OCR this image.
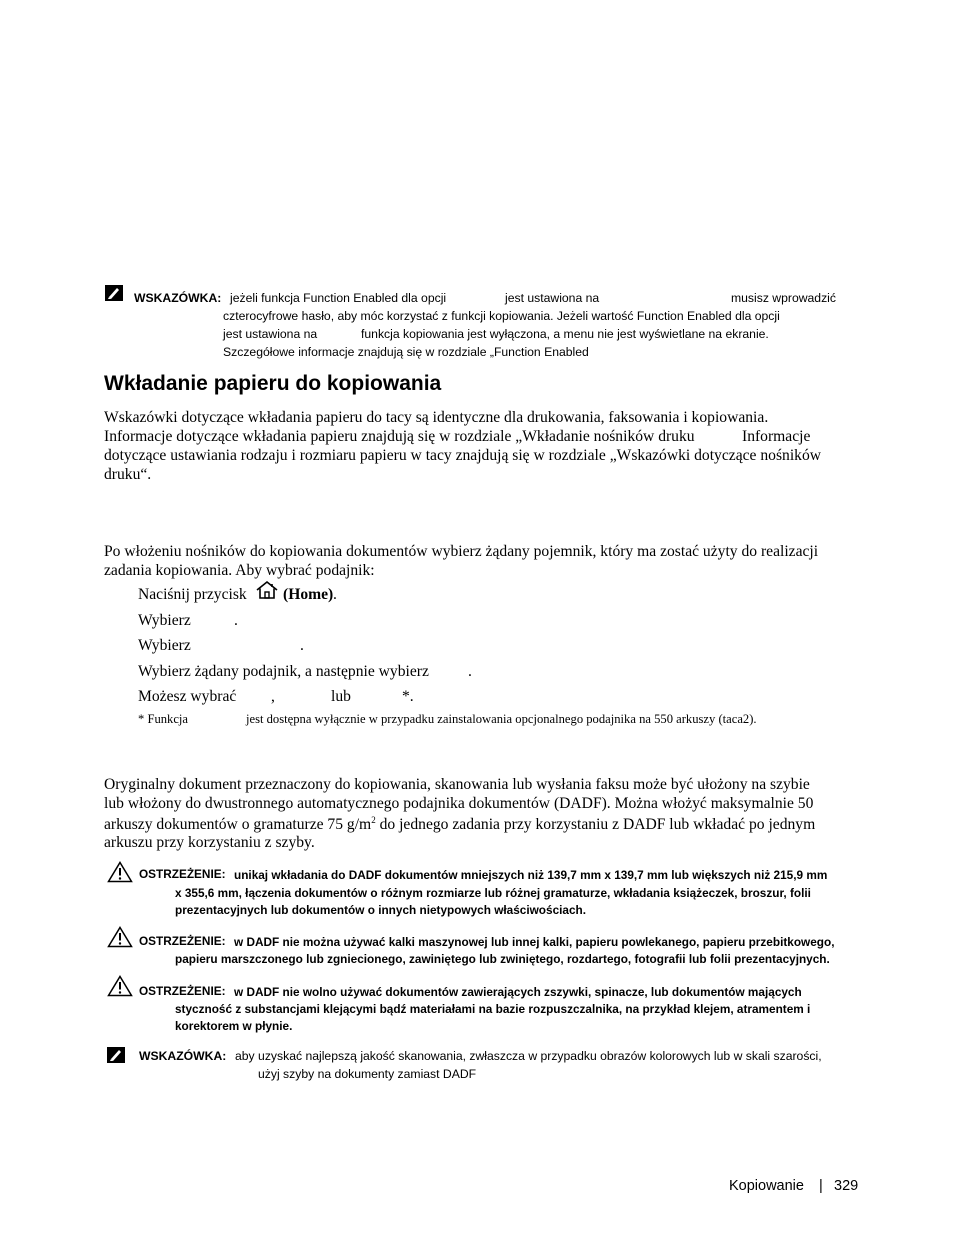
WSKAZÓWKA: jeżeli funkcja Function Enabled dla opcji	jest ustawiona na	musisz wprowadzić
czterocyfrowe hasło, aby móc korzystać z funkcji kopiowania. Jeżeli wartość Function Enabled dla opcji
jest ustawiona na	funkcja kopiowania jest wyłączona, a menu nie jest wyświetlane na ekranie.
Szczegółowe informacje znajdują się w rozdziale „Function Enabled
Wkładanie papieru do kopiowania
Wskazówki dotyczące wkładania papieru do tacy są identyczne dla drukowania, faksowania i kopiowania.
Informacje dotyczące wkładania papieru znajdują się w rozdziale „Wkładanie nośników druku	Informacje
dotyczące ustawiania rodzaju i rozmiaru papieru w tacy znajdują się w rozdziale „Wskazówki dotyczące nośników
druku“.
Po włożeniu nośników do kopiowania dokumentów wybierz żądany pojemnik, który ma zostać użyty do realizacji
zadania kopiowania. Aby wybrać podajnik:
Naciśnij przycisk (Home) .
Wybierz	.
Wybierz	.
Wybierz żądany podajnik, a następnie wybierz	.
Możesz wybrać ,	lub	*.
* Funkcja	jest dostępna wyłącznie w przypadku zainstalowania opcjonalnego podajnika na 550 arkuszy (taca2).
Oryginalny dokument przeznaczony do kopiowania, skanowania lub wysłania faksu może być ułożony na szybie
lub włożony do dwustronnego automatycznego podajnika dokumentów (DADF). Można włożyć maksymalnie 50
arkuszy dokumentów o gramaturze 75 $g/m^2$ do jednego zadania przy korzystaniu z DADF lub wkładać po jednym
arkuszu przy korzystaniu z szyby.
OSTRZEŻENIE: unikaj wkładania do DADF dokumentów mniejszych niż 139,7 mm x 139,7 mm lub większych niż 215,9 mm
x 355,6 mm, łączenia dokumentów o różnym rozmiarze lub różnej gramaturze, wkładania książeczek, broszur, folii
prezentacyjnych lub dokumentów o innych nietypowych właściwościach.
OSTRZEŻENIE: w DADF nie można używać kalki maszynowej lub innej kalki, papieru powlekanego, papieru przebitkowego,
papieru marszczonego lub zgniecionego, zawiniętego lub zwiniętego, rozdartego, fotografii lub folii prezentacyjnych.
OSTRZEŻENIE: w DADF nie wolno używać dokumentów zawierających zszywki, spinacze, lub dokumentów mających
styczność z substancjami klejącymi bądź materiałami na bazie rozpuszczalnika, na przykład klejem, atramentem i
korektorem w płynie.
WSKAZÓWKA: aby uzyskać najlepszą jakość skanowania, zwłaszcza w przypadku obrazów kolorowych lub w skali szarości,
użyj szyby na dokumenty zamiast DADF
Kopiowanie | 329
